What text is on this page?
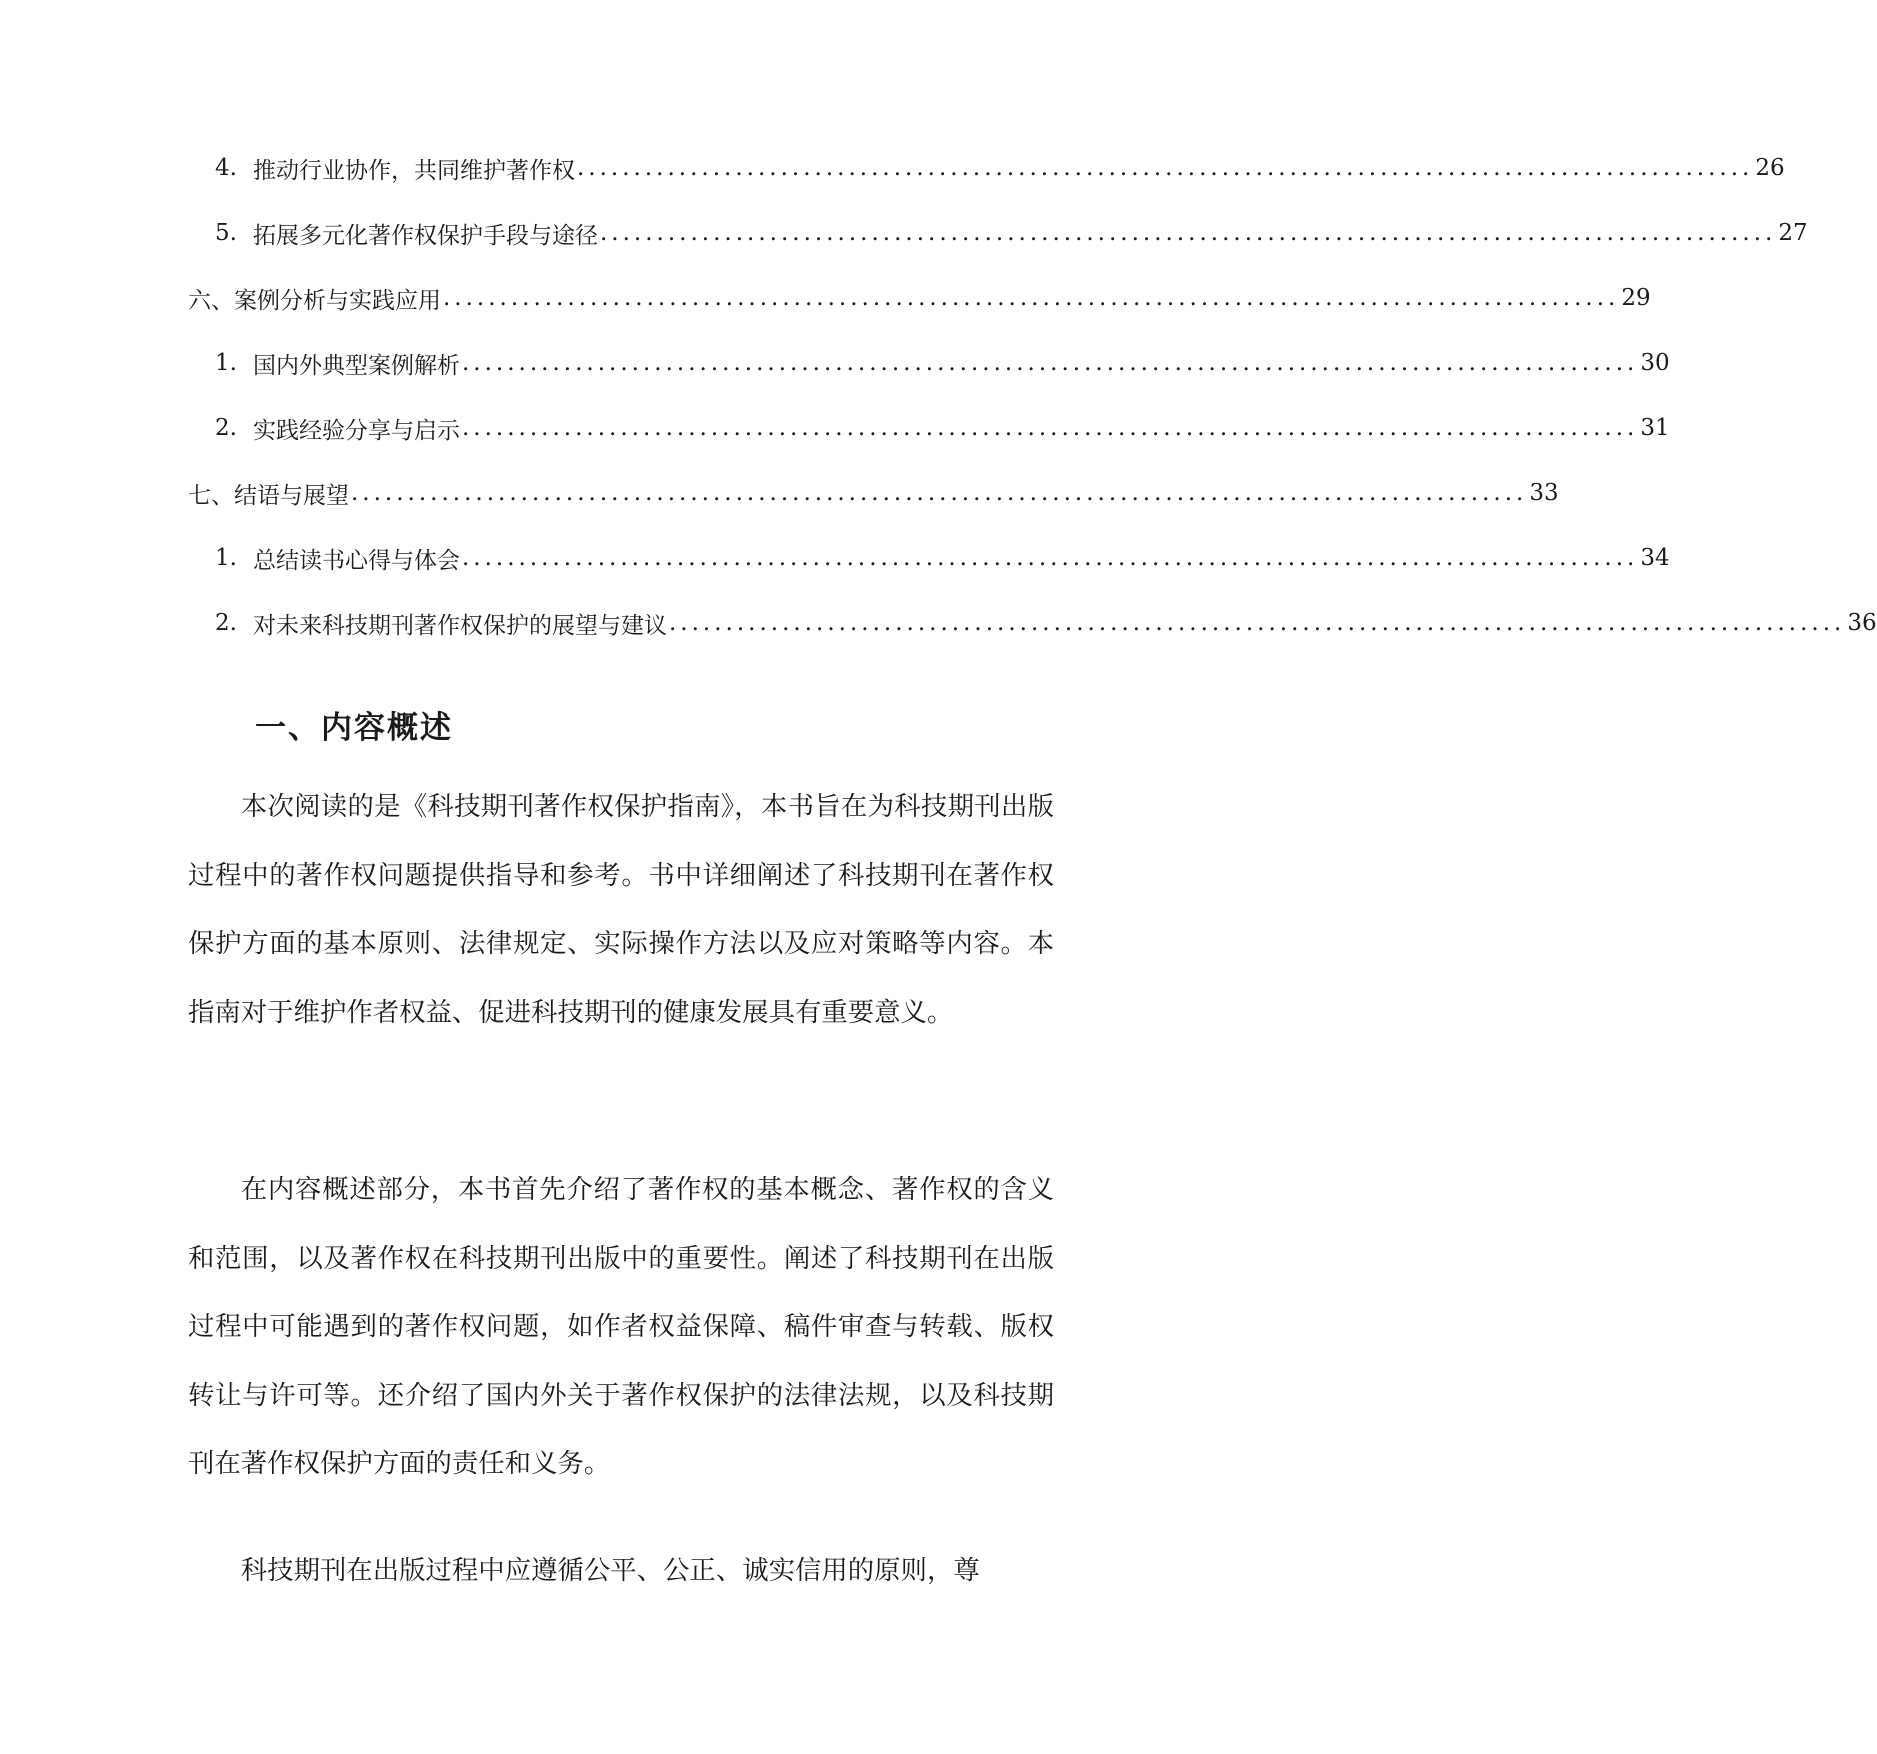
4. 推动行业协作，共同维护著作权 ........................................................................................................ 26
5. 拓展多元化著作权保护手段与途径 ........................................................................................................ 27
六、案例分析与实践应用 ........................................................................................................ 29
1. 国内外典型案例解析 ........................................................................................................ 30
2. 实践经验分享与启示 ........................................................................................................ 31
七、结语与展望 ........................................................................................................ 33
1. 总结读书心得与体会 ........................................................................................................ 34
2. 对未来科技期刊著作权保护的展望与建议 ........................................................................................................ 36
一、内容概述

本次阅读的是《科技期刊著作权保护指南》，本书旨在为科技期刊出版过程中的著作权问题提供指导和参考。书中详细阐述了科技期刊在著作权保护方面的基本原则、法律规定、实际操作方法以及应对策略等内容。本指南对于维护作者权益、促进科技期刊的健康发展具有重要意义。

在内容概述部分，本书首先介绍了著作权的基本概念、著作权的含义和范围，以及著作权在科技期刊出版中的重要性。阐述了科技期刊在出版过程中可能遇到的著作权问题，如作者权益保障、稿件审查与转载、版权转让与许可等。还介绍了国内外关于著作权保护的法律法规，以及科技期刊在著作权保护方面的责任和义务。

科技期刊在出版过程中应遵循公平、公正、诚实信用的原则，尊
